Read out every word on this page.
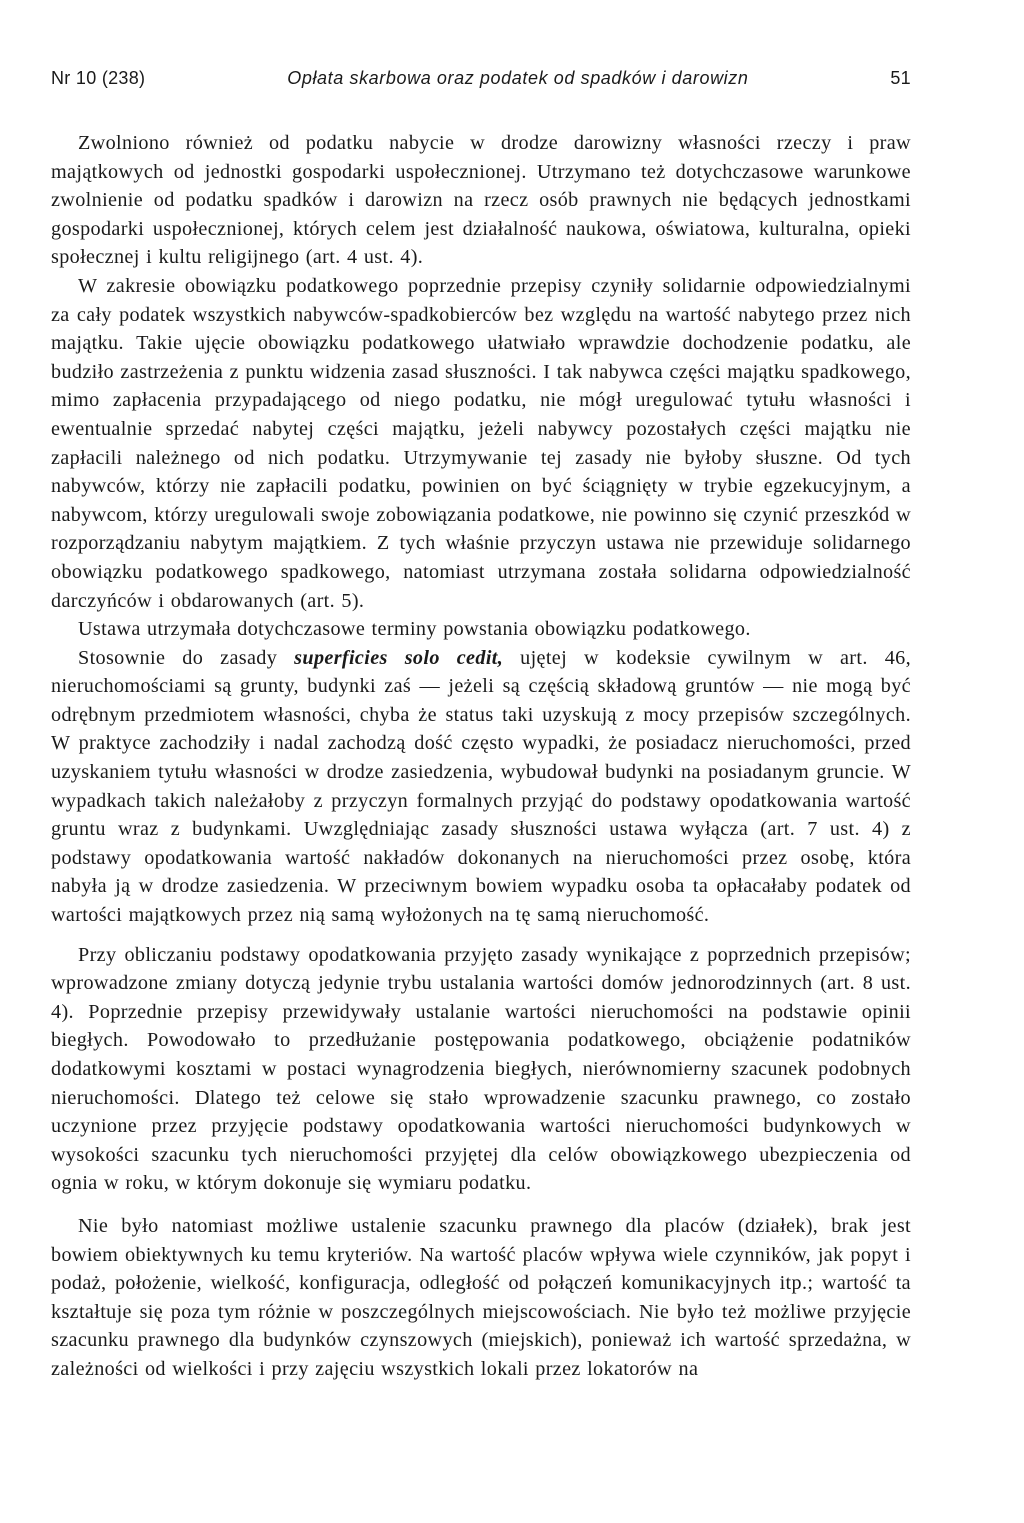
Nr 10 (238)	Opłata skarbowa oraz podatek od spadków i darowizn	51

Zwolniono również od podatku nabycie w drodze darowizny własności rzeczy i praw majątkowych od jednostki gospodarki uspołecznionej. Utrzymano też dotychczasowe warunkowe zwolnienie od podatku spadków i darowizn na rzecz osób prawnych nie będących jednostkami gospodarki uspołecznionej, których celem jest działalność naukowa, oświatowa, kulturalna, opieki społecznej i kultu religijnego (art. 4 ust. 4).

W zakresie obowiązku podatkowego poprzednie przepisy czyniły solidarnie odpowiedzialnymi za cały podatek wszystkich nabywców-spadkobierców bez względu na wartość nabytego przez nich majątku. Takie ujęcie obowiązku podatkowego ułatwiało wprawdzie dochodzenie podatku, ale budziło zastrzeżenia z punktu widzenia zasad słuszności. I tak nabywca części majątku spadkowego, mimo zapłacenia przypadającego od niego podatku, nie mógł uregulować tytułu własności i ewentualnie sprzedać nabytej części majątku, jeżeli nabywcy pozostałych części majątku nie zapłacili należnego od nich podatku. Utrzymywanie tej zasady nie byłoby słuszne. Od tych nabywców, którzy nie zapłacili podatku, powinien on być ściągnięty w trybie egzekucyjnym, a nabywcom, którzy uregulowali swoje zobowiązania podatkowe, nie powinno się czynić przeszkód w rozporządzaniu nabytym majątkiem. Z tych właśnie przyczyn ustawa nie przewiduje solidarnego obowiązku podatkowego spadkowego, natomiast utrzymana została solidarna odpowiedzialność darczyńców i obdarowanych (art. 5).

Ustawa utrzymała dotychczasowe terminy powstania obowiązku podatkowego.

Stosownie do zasady superficies solo cedit, ujętej w kodeksie cywilnym w art. 46, nieruchomościami są grunty, budynki zaś — jeżeli są częścią składową gruntów — nie mogą być odrębnym przedmiotem własności, chyba że status taki uzyskują z mocy przepisów szczególnych. W praktyce zachodziły i nadal zachodzą dość często wypadki, że posiadacz nieruchomości, przed uzyskaniem tytułu własności w drodze zasiedzenia, wybudował budynki na posiadanym gruncie. W wypadkach takich należałoby z przyczyn formalnych przyjąć do podstawy opodatkowania wartość gruntu wraz z budynkami. Uwzględniając zasady słuszności ustawa wyłącza (art. 7 ust. 4) z podstawy opodatkowania wartość nakładów dokonanych na nieruchomości przez osobę, która nabyła ją w drodze zasiedzenia. W przeciwnym bowiem wypadku osoba ta opłacałaby podatek od wartości majątkowych przez nią samą wyłożonych na tę samą nieruchomość.

Przy obliczaniu podstawy opodatkowania przyjęto zasady wynikające z poprzednich przepisów; wprowadzone zmiany dotyczą jedynie trybu ustalania wartości domów jednorodzinnych (art. 8 ust. 4). Poprzednie przepisy przewidywały ustalanie wartości nieruchomości na podstawie opinii biegłych. Powodowało to przedłużanie postępowania podatkowego, obciążenie podatników dodatkowymi kosztami w postaci wynagrodzenia biegłych, nierównomierny szacunek podobnych nieruchomości. Dlatego też celowe się stało wprowadzenie szacunku prawnego, co zostało uczynione przez przyjęcie podstawy opodatkowania wartości nieruchomości budynkowych w wysokości szacunku tych nieruchomości przyjętej dla celów obowiązkowego ubezpieczenia od ognia w roku, w którym dokonuje się wymiaru podatku.

Nie było natomiast możliwe ustalenie szacunku prawnego dla placów (działek), brak jest bowiem obiektywnych ku temu kryteriów. Na wartość placów wpływa wiele czynników, jak popyt i podaż, położenie, wielkość, konfiguracja, odległość od połączeń komunikacyjnych itp.; wartość ta kształtuje się poza tym różnie w poszczególnych miejscowościach. Nie było też możliwe przyjęcie szacunku prawnego dla budynków czynszowych (miejskich), ponieważ ich wartość sprzedażna, w zależności od wielkości i przy zajęciu wszystkich lokali przez lokatorów na
